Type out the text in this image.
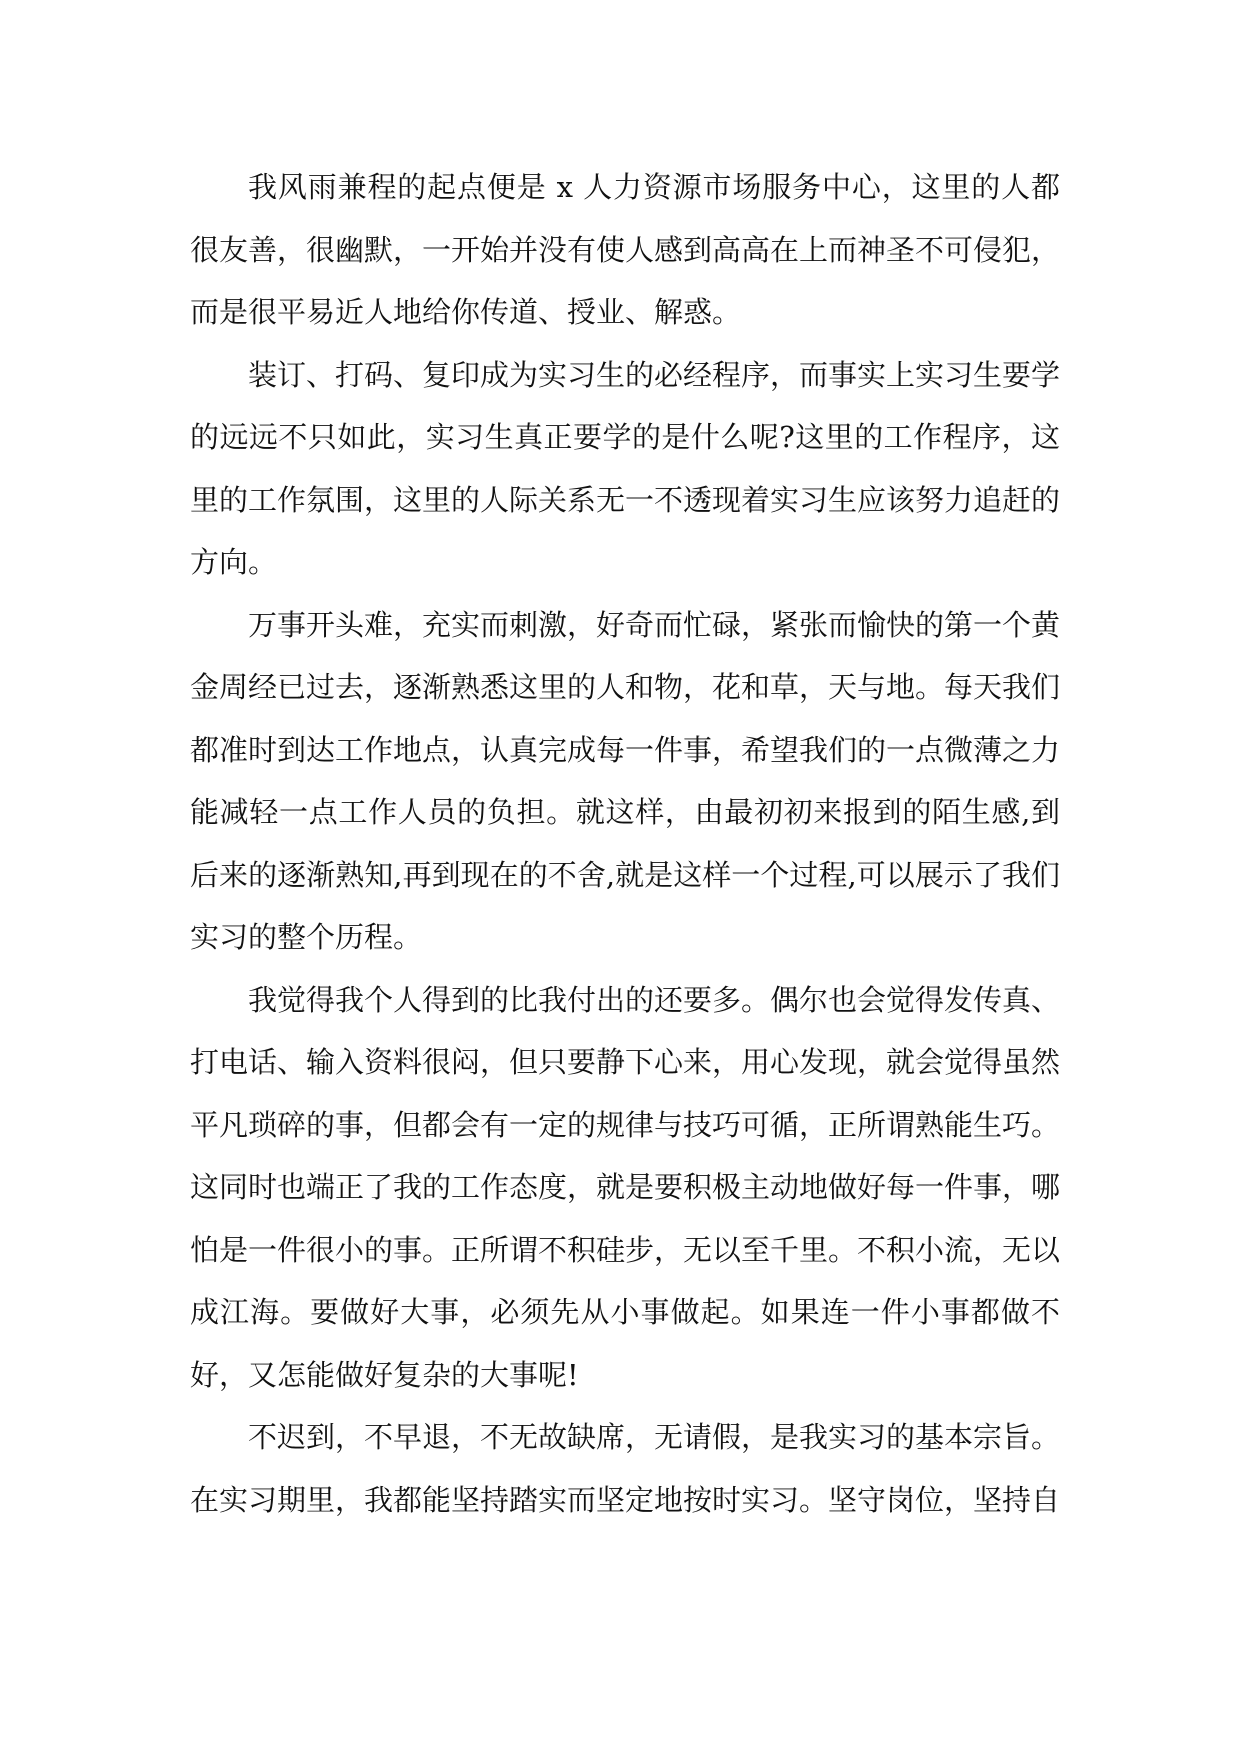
我风雨兼程的起点便是 x 人力资源市场服务中心，这里的人都很友善，很幽默，一开始并没有使人感到高高在上而神圣不可侵犯，而是很平易近人地给你传道、授业、解惑。

装订、打码、复印成为实习生的必经程序，而事实上实习生要学的远远不只如此，实习生真正要学的是什么呢?这里的工作程序，这里的工作氛围，这里的人际关系无一不透现着实习生应该努力追赶的方向。

万事开头难，充实而刺激，好奇而忙碌，紧张而愉快的第一个黄金周经已过去，逐渐熟悉这里的人和物，花和草，天与地。每天我们都准时到达工作地点，认真完成每一件事，希望我们的一点微薄之力能减轻一点工作人员的负担。就这样，由最初初来报到的陌生感,到后来的逐渐熟知,再到现在的不舍,就是这样一个过程,可以展示了我们实习的整个历程。

我觉得我个人得到的比我付出的还要多。偶尔也会觉得发传真、打电话、输入资料很闷，但只要静下心来，用心发现，就会觉得虽然平凡琐碎的事，但都会有一定的规律与技巧可循，正所谓熟能生巧。这同时也端正了我的工作态度，就是要积极主动地做好每一件事，哪怕是一件很小的事。正所谓不积硅步，无以至千里。不积小流，无以成江海。要做好大事，必须先从小事做起。如果连一件小事都做不好，又怎能做好复杂的大事呢!

不迟到，不早退，不无故缺席，无请假，是我实习的基本宗旨。在实习期里，我都能坚持踏实而坚定地按时实习。坚守岗位，坚持自
